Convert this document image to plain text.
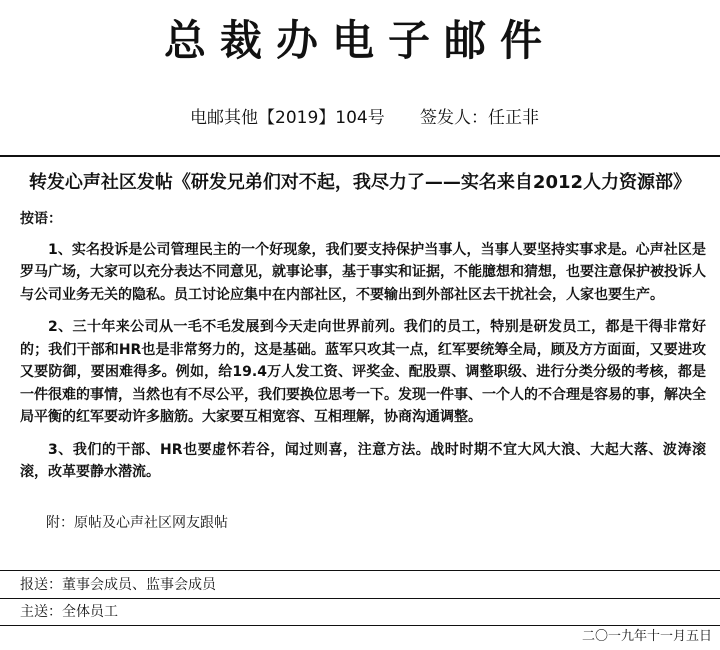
总裁办电子邮件
电邮其他【2019】104号 签发人：任正非
转发心声社区发帖《研发兄弟们对不起，我尽力了——实名来自2012人力资源部》
按语：

1、实名投诉是公司管理民主的一个好现象，我们要支持保护当事人，当事人要坚持实事求是。心声社区是罗马广场，大家可以充分表达不同意见，就事论事，基于事实和证据，不能臆想和猜想，也要注意保护被投诉人与公司业务无关的隐私。员工讨论应集中在内部社区，不要输出到外部社区去干扰社会，人家也要生产。

2、三十年来公司从一毛不毛发展到今天走向世界前列。我们的员工，特别是研发员工，都是干得非常好的；我们干部和HR也是非常努力的，这是基础。蓝军只攻其一点，红军要统筹全局，顾及方方面面，又要进攻又要防御，要困难得多。例如，给19.4万人发工资、评奖金、配股票、调整职级、进行分类分级的考核，都是一件很难的事情，当然也有不尽公平，我们要换位思考一下。发现一件事、一个人的不合理是容易的事，解决全局平衡的红军要动许多脑筋。大家要互相宽容、互相理解，协商沟通调整。

3、我们的干部、HR也要虚怀若谷，闻过则喜，注意方法。战时时期不宜大风大浪、大起大落、波涛滚滚，改革要静水潜流。

附：原帖及心声社区网友跟帖
报送：董事会成员、监事会成员
主送：全体员工
二〇一九年十一月五日
